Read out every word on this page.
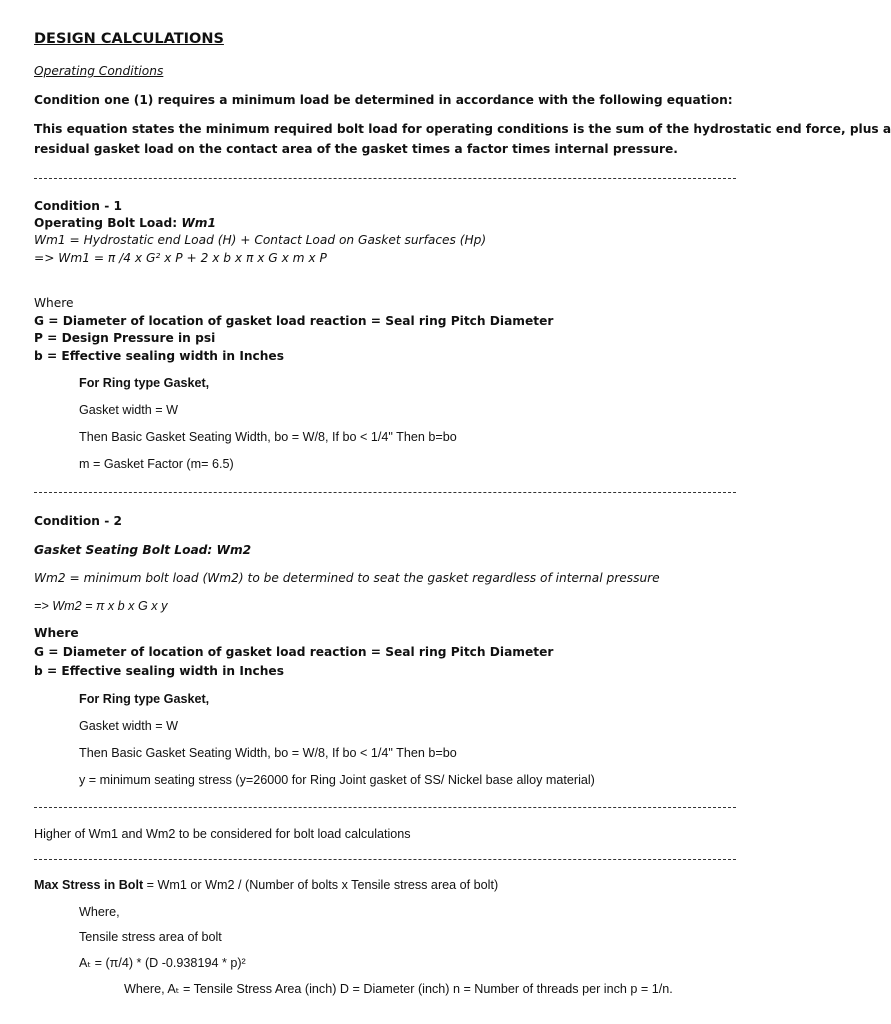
DESIGN CALCULATIONS
Operating Conditions
Condition one (1) requires a minimum load be determined in accordance with the following equation:
This equation states the minimum required bolt load for operating conditions is the sum of the hydrostatic end force, plus a
residual gasket load on the contact area of the gasket times a factor times internal pressure.
Condition - 1
Operating Bolt Load: Wm1
Wm1 = Hydrostatic end Load (H) + Contact Load on Gasket surfaces (Hp)
=> Wm1 = π /4 x G² x P + 2 x b x π x G x m x P
Where
G = Diameter of location of gasket load reaction = Seal ring Pitch Diameter
P = Design Pressure in psi
b = Effective sealing width in Inches
For Ring type Gasket,
Gasket width = W
Then Basic Gasket Seating Width, bo = W/8, If bo < 1/4" Then b=bo
m = Gasket Factor (m= 6.5)
Condition - 2
Gasket Seating Bolt Load: Wm2
Wm2 = minimum bolt load (Wm2) to be determined to seat the gasket regardless of internal pressure
=> Wm2 = π x b x G x y
Where
G = Diameter of location of gasket load reaction = Seal ring Pitch Diameter
b = Effective sealing width in Inches
For Ring type Gasket,
Gasket width = W
Then Basic Gasket Seating Width, bo = W/8, If bo < 1/4" Then b=bo
y = minimum seating stress (y=26000 for Ring Joint gasket of SS/ Nickel base alloy material)
Higher of Wm1 and Wm2 to be considered for bolt load calculations
Max Stress in Bolt = Wm1 or Wm2 / (Number of bolts x Tensile stress area of bolt)
Where,
Tensile stress area of bolt
Aₜ = (π/4) * (D -0.938194 * p)²
Where, Aₜ = Tensile Stress Area (inch) D = Diameter (inch) n = Number of threads per inch p = 1/n.
